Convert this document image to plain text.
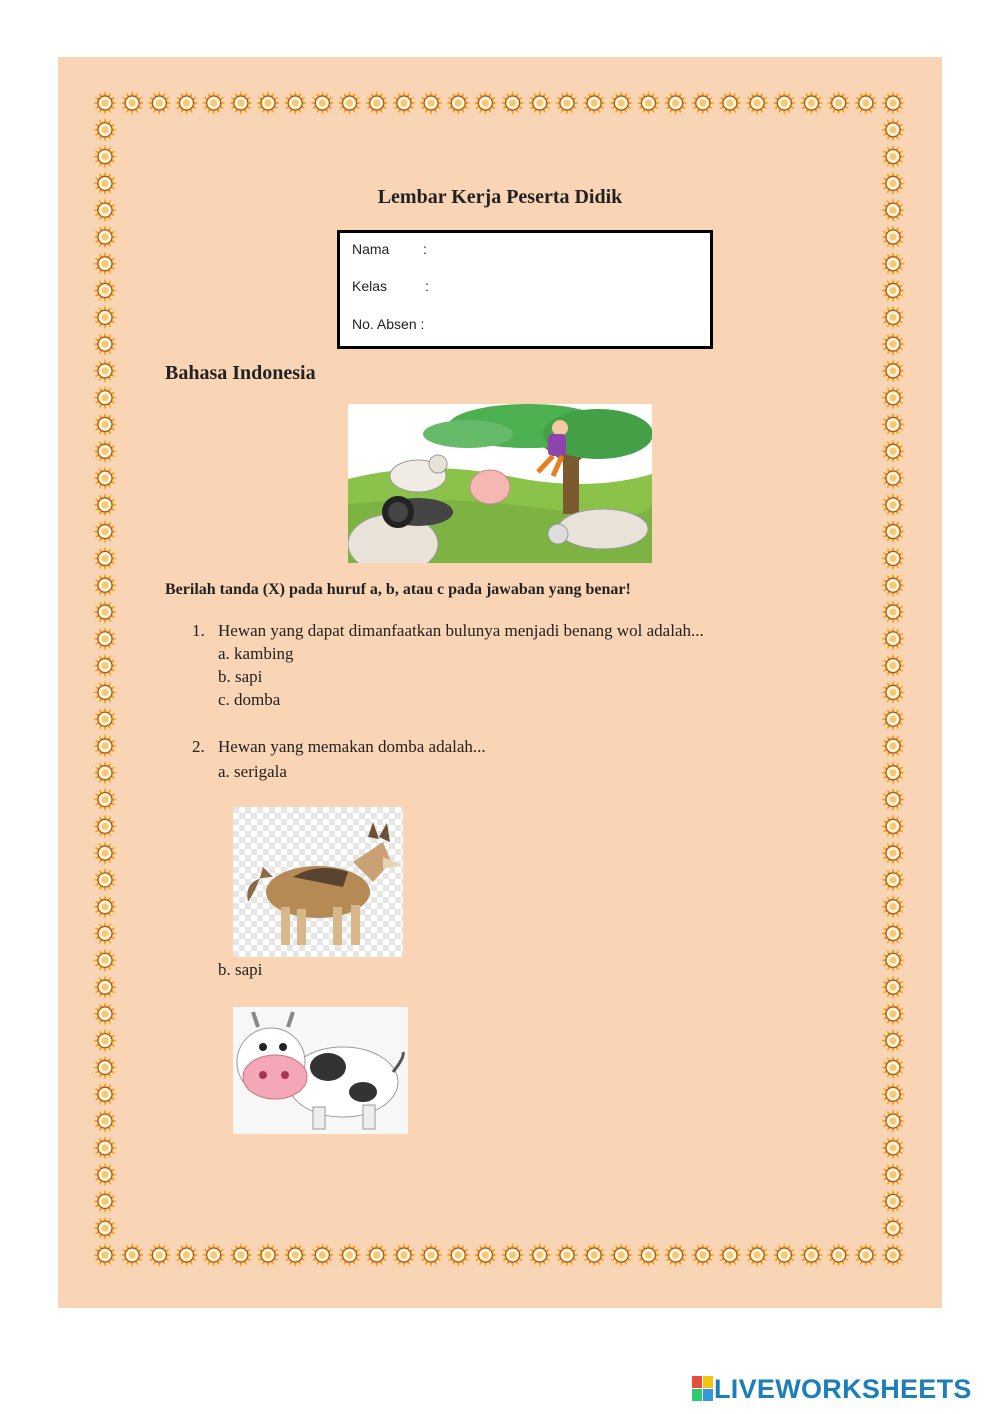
Lembar Kerja Peserta Didik
Nama :
Kelas	:
No. Absen :
Bahasa Indonesia
Berilah tanda (X) pada huruf a, b, atau c pada jawaban yang benar!
1. Hewan yang dapat dimanfaatkan bulunya menjadi benang wol adalah...
a. kambing
b. sapi
c. domba
2. Hewan yang memakan domba adalah...
a. serigala
b. sapi
LIVEWORKSHEETS
